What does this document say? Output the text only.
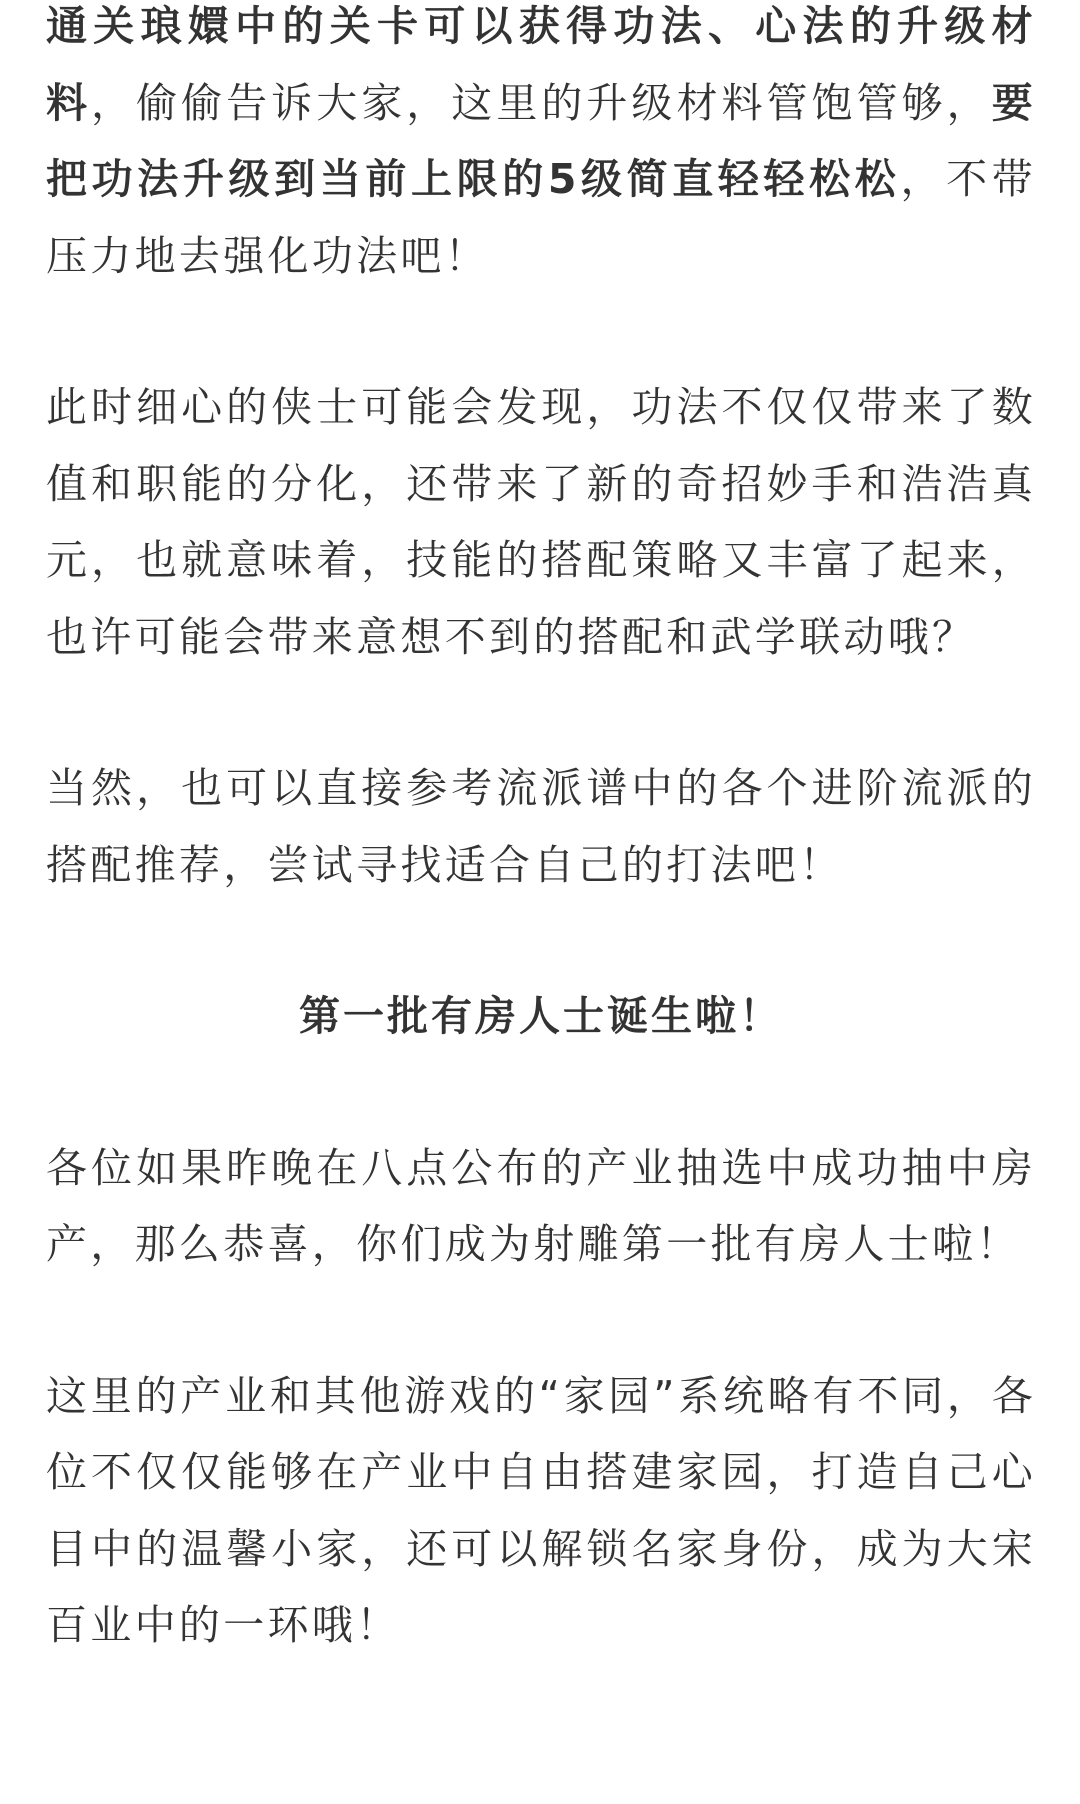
通关琅嬛中的关卡可以获得功法、心法的升级材料，偷偷告诉大家，这里的升级材料管饱管够，要把功法升级到当前上限的5级简直轻轻松松，不带压力地去强化功法吧！

此时细心的侠士可能会发现，功法不仅仅带来了数值和职能的分化，还带来了新的奇招妙手和浩浩真元，也就意味着，技能的搭配策略又丰富了起来，也许可能会带来意想不到的搭配和武学联动哦？

当然，也可以直接参考流派谱中的各个进阶流派的搭配推荐，尝试寻找适合自己的打法吧！

第一批有房人士诞生啦！

各位如果昨晚在八点公布的产业抽选中成功抽中房产，那么恭喜，你们成为射雕第一批有房人士啦！

这里的产业和其他游戏的“家园”系统略有不同，各位不仅仅能够在产业中自由搭建家园，打造自己心目中的温馨小家，还可以解锁名家身份，成为大宋百业中的一环哦！
